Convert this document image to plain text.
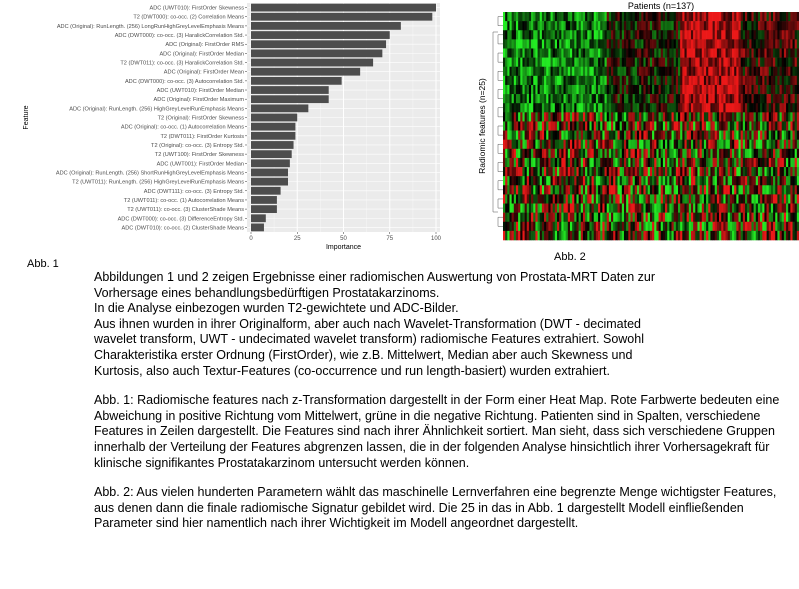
ADC (UWT010): FirstOrder Skewness
T2 (DWT000): co-occ. (2) Correlation Means
ADC (Original): RunLength. (256) LongRunHighGreyLevelEmphasis Means
ADC (DWT000): co-occ. (3) HaralickCorrelation Std.
ADC (Original): FirstOrder RMS
ADC (Original): FirstOrder Median
T2 (DWT011): co-occ. (3) HaralickCorrelation Std.
ADC (Original): FirstOrder Mean
ADC (DWT000): co-occ. (3) Autocorrelation Std.
ADC (UWT010): FirstOrder Median
ADC (Original): FirstOrder Maximum
ADC (Original): RunLength. (256) HighGreyLevelRunEmphasis Means
T2 (Original): FirstOrder Skewness
ADC (Original): co-occ. (1) Autocorrelation Means
T2 (DWT011): FirstOrder Kurtosis
T2 (Original): co-occ. (3) Entropy Std.
T2 (UWT100): FirstOrder Skewness
ADC (UWT001): FirstOrder Median
ADC (Original): RunLength. (256) ShortRunHighGreyLevelEmphasis Means
T2 (UWT011): RunLength. (256) HighGreyLevelRunEmphasis Means
ADC (DWT111): co-occ. (3) Entropy Std.
T2 (UWT011): co-occ. (1) Autocorrelation Means
T2 (UWT011): co-occ. (3) ClusterShade Means
ADC (DWT000): co-occ. (3) DifferenceEntropy Std.
ADC (DWT010): co-occ. (2) ClusterShade Means
0	25	50	75	100
Importance
Feature
Abb. 1
Patients (n=137)
Radiomic features (n=25)
Abb. 2

Abbildungen 1 und 2 zeigen Ergebnisse einer radiomischen Auswertung von Prostata-MRT Daten zur
Vorhersage eines behandlungsbedürftigen Prostatakarzinoms.
In die Analyse einbezogen wurden T2-gewichtete und ADC-Bilder.
Aus ihnen wurden in ihrer Originalform, aber auch nach Wavelet-Transformation (DWT - decimated
wavelet transform, UWT - undecimated wavelet transform) radiomische Features extrahiert. Sowohl
Charakteristika erster Ordnung (FirstOrder), wie z.B. Mittelwert, Median aber auch Skewness und
Kurtosis, also auch Textur-Features (co-occurrence und run length-basiert) wurden extrahiert.

Abb. 1: Radiomische features nach z-Transformation dargestellt in der Form einer Heat Map. Rote Farbwerte bedeuten eine Abweichung in positive Richtung vom Mittelwert, grüne in die negative Richtung. Patienten sind in Spalten, verschiedene Features in Zeilen dargestellt. Die Features sind nach ihrer Ähnlichkeit sortiert. Man sieht, dass sich verschiedene Gruppen innerhalb der Verteilung der Features abgrenzen lassen, die in der folgenden Analyse hinsichtlich ihrer Vorhersagekraft für klinische signifikantes Prostatakarzinom untersucht werden können.

Abb. 2: Aus vielen hunderten Parametern wählt das maschinelle Lernverfahren eine begrenzte Menge wichtigster Features, aus denen dann die finale radiomische Signatur gebildet wird. Die 25 in das in Abb. 1 dargestellt Modell einfließenden Parameter sind hier namentlich nach ihrer Wichtigkeit im Modell angeordnet dargestellt.
